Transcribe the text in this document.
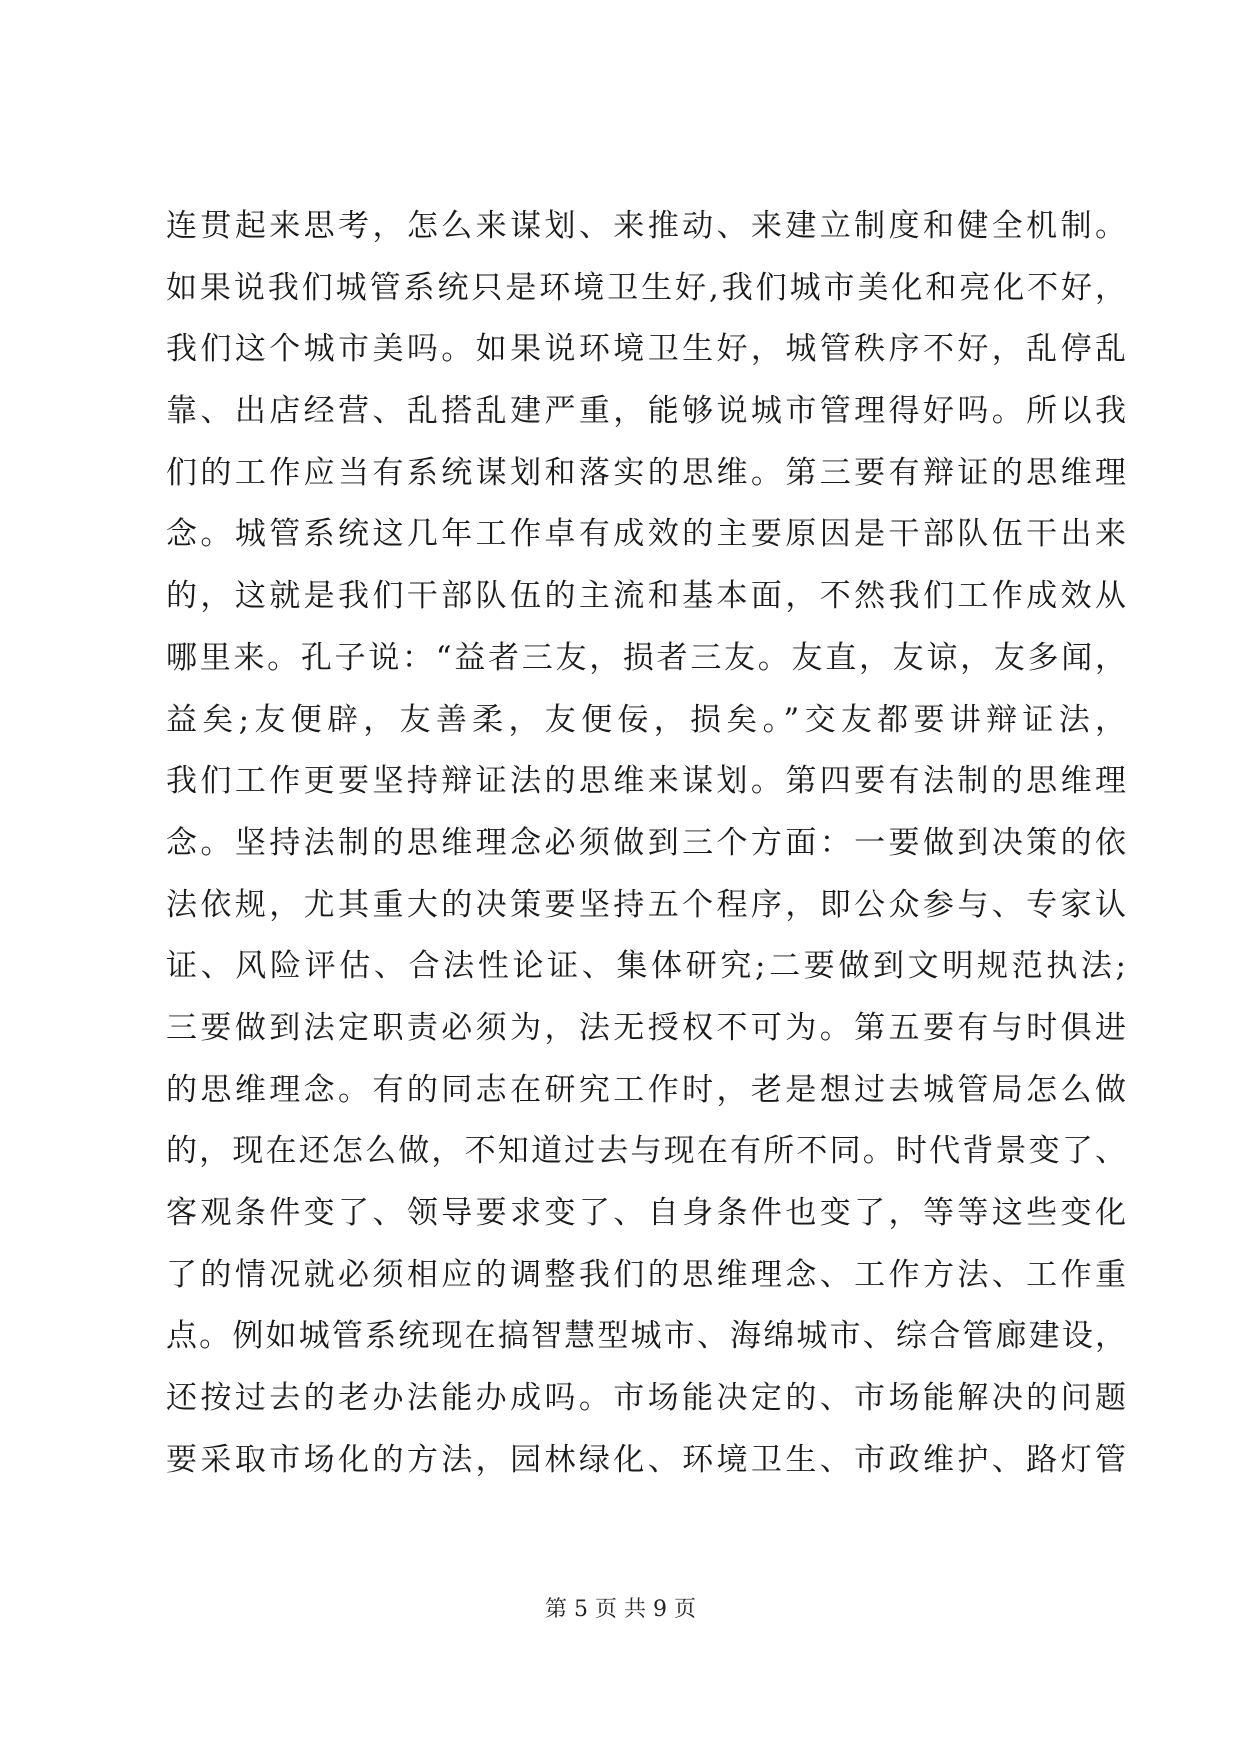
连贯起来思考，怎么来谋划、来推动、来建立制度和健全机制。
如果说我们城管系统只是环境卫生好,我们城市美化和亮化不好，
我们这个城市美吗。如果说环境卫生好，城管秩序不好，乱停乱
靠、出店经营、乱搭乱建严重，能够说城市管理得好吗。所以我
们的工作应当有系统谋划和落实的思维。第三要有辩证的思维理
念。城管系统这几年工作卓有成效的主要原因是干部队伍干出来
的，这就是我们干部队伍的主流和基本面，不然我们工作成效从
哪里来。孔子说：“益者三友，损者三友。友直，友谅，友多闻，
益矣;友便辟，友善柔，友便佞，损矣。”交友都要讲辩证法，
我们工作更要坚持辩证法的思维来谋划。第四要有法制的思维理
念。坚持法制的思维理念必须做到三个方面：一要做到决策的依
法依规，尤其重大的决策要坚持五个程序，即公众参与、专家认
证、风险评估、合法性论证、集体研究;二要做到文明规范执法;
三要做到法定职责必须为，法无授权不可为。第五要有与时俱进
的思维理念。有的同志在研究工作时，老是想过去城管局怎么做
的，现在还怎么做，不知道过去与现在有所不同。时代背景变了、
客观条件变了、领导要求变了、自身条件也变了，等等这些变化
了的情况就必须相应的调整我们的思维理念、工作方法、工作重
点。例如城管系统现在搞智慧型城市、海绵城市、综合管廊建设，
还按过去的老办法能办成吗。市场能决定的、市场能解决的问题
要采取市场化的方法，园林绿化、环境卫生、市政维护、路灯管
第 5 页 共 9 页
